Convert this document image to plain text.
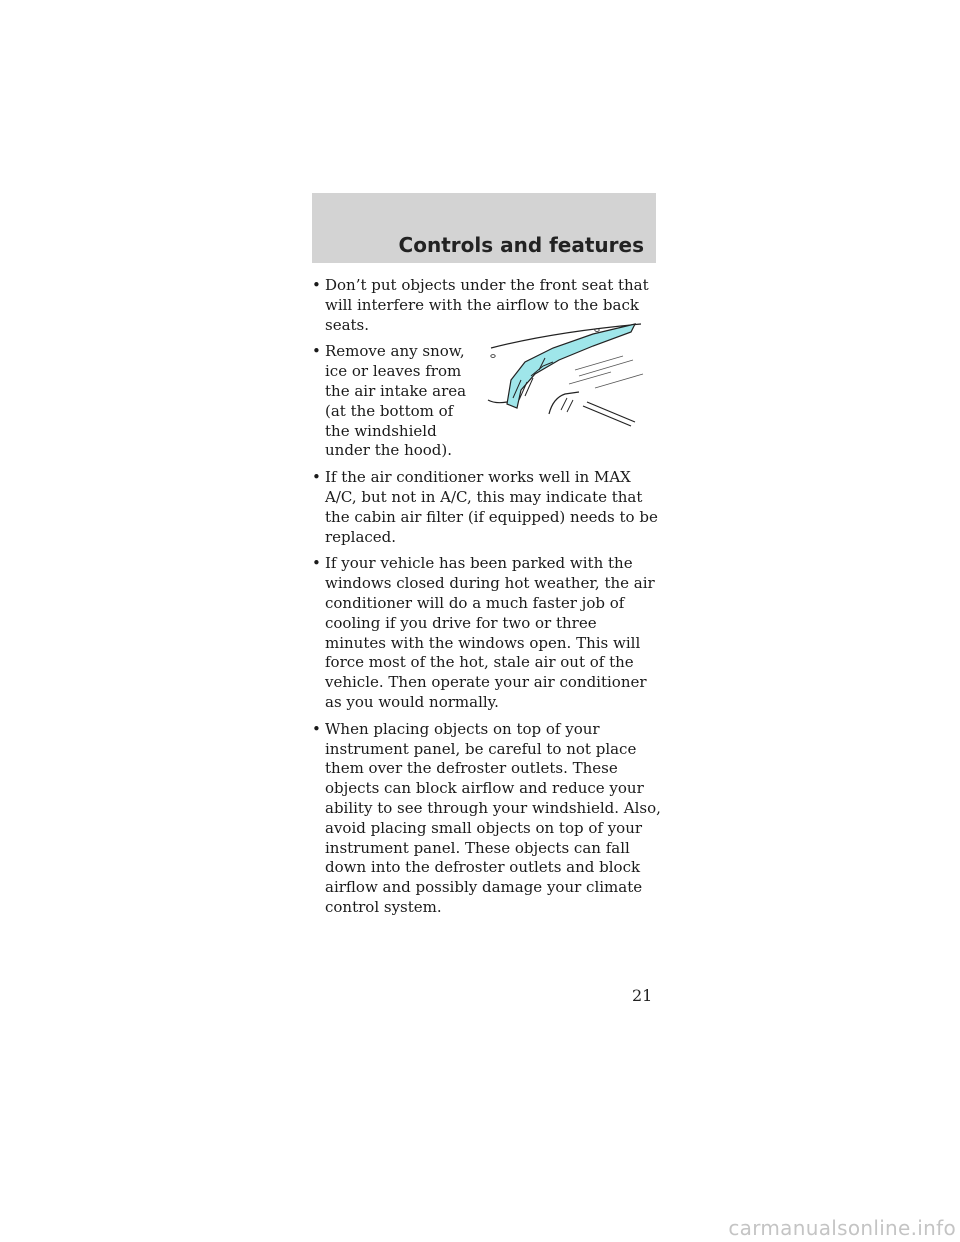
Controls and features
• Don’t put objects under the front seat that will interfere with the airflow to the back seats.
• Remove any snow, ice or leaves from the air intake area (at the bottom of the windshield under the hood).
• If the air conditioner works well in MAX A/C, but not in A/C, this may indicate that the cabin air filter (if equipped) needs to be replaced.
• If your vehicle has been parked with the windows closed during hot weather, the air conditioner will do a much faster job of cooling if you drive for two or three minutes with the windows open. This will force most of the hot, stale air out of the vehicle. Then operate your air conditioner as you would normally.
• When placing objects on top of your instrument panel, be careful to not place them over the defroster outlets. These objects can block airflow and reduce your ability to see through your windshield. Also, avoid placing small objects on top of your instrument panel. These objects can fall down into the defroster outlets and block airflow and possibly damage your climate control system.

21

carmanualsonline.info
